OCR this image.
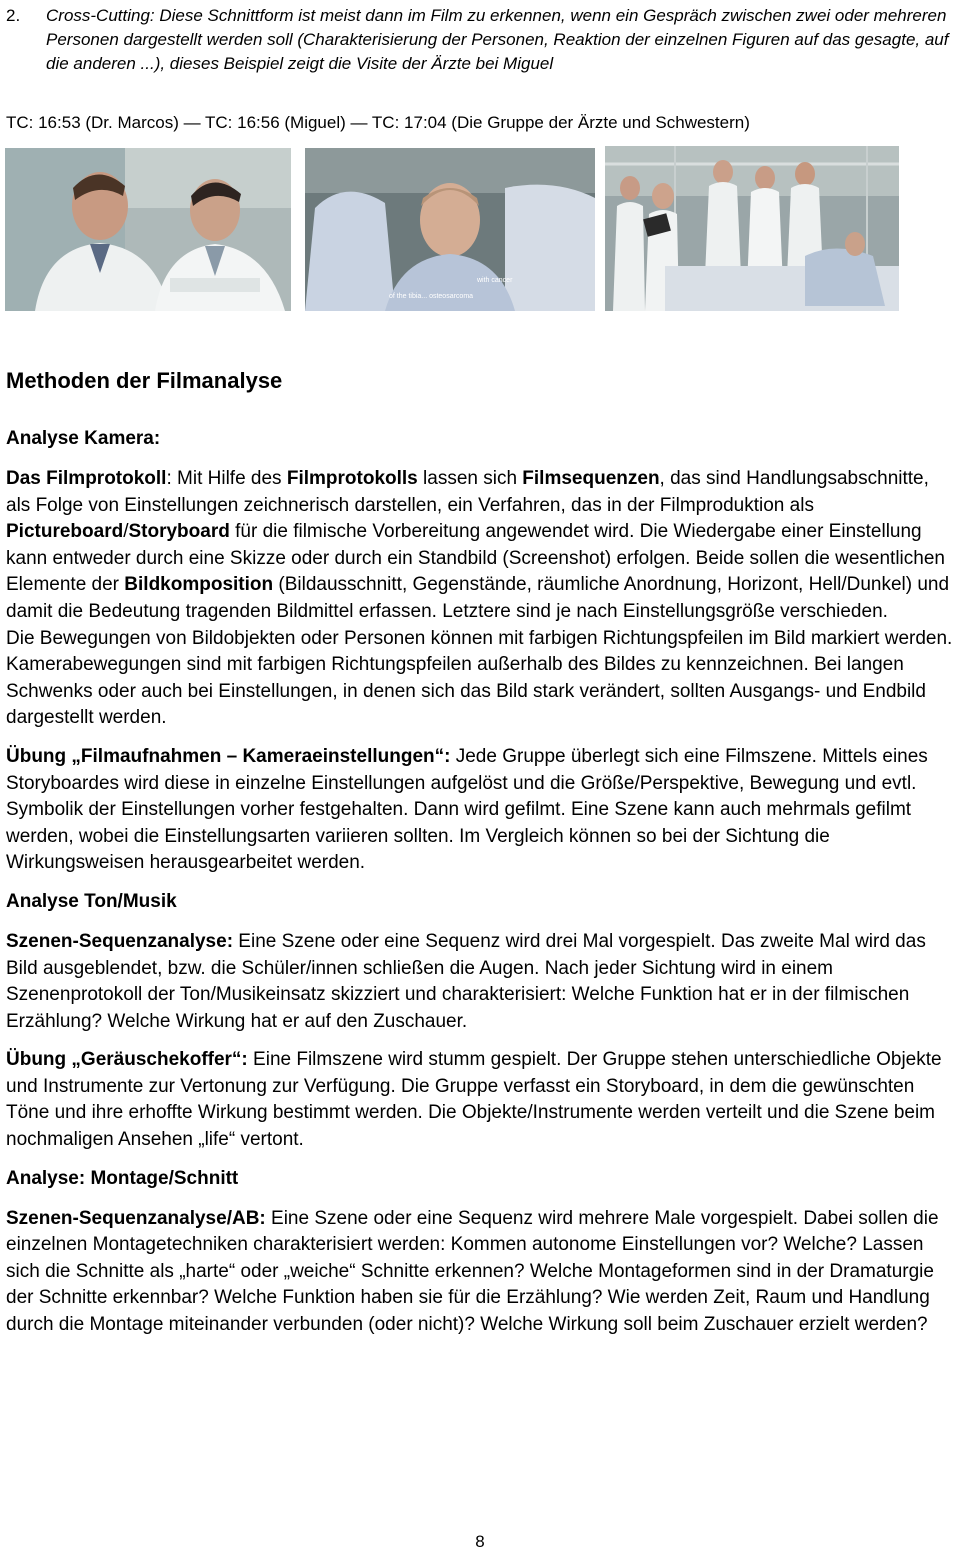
2. Cross-Cutting: Diese Schnittform ist meist dann im Film zu erkennen, wenn ein Gespräch zwischen zwei oder mehreren Personen dargestellt werden soll (Charakterisierung der Personen, Reaktion der einzelnen Figuren auf das gesagte, auf die anderen ...), dieses Beispiel zeigt die Visite der Ärzte bei Miguel
TC: 16:53 (Dr. Marcos) — TC: 16:56 (Miguel) — TC: 17:04 (Die Gruppe der Ärzte und Schwestern)
with cancer
of the tibia... osteosarcoma
Methoden der Filmanalyse
Analyse Kamera:

Das Filmprotokoll: Mit Hilfe des Filmprotokolls lassen sich Filmsequenzen, das sind Handlungsabschnitte, als Folge von Einstellungen zeichnerisch darstellen, ein Verfahren, das in der Filmproduktion als Pictureboard/Storyboard für die filmische Vorbereitung angewendet wird. Die Wiedergabe einer Einstellung kann entweder durch eine Skizze oder durch ein Standbild (Screenshot) erfolgen. Beide sollen die wesentlichen Elemente der Bildkomposition (Bildausschnitt, Gegenstände, räumliche Anordnung, Horizont, Hell/Dunkel) und damit die Bedeutung tragenden Bildmittel erfassen. Letztere sind je nach Einstellungsgröße verschieden.

Die Bewegungen von Bildobjekten oder Personen können mit farbigen Richtungspfeilen im Bild markiert werden. Kamerabewegungen sind mit farbigen Richtungspfeilen außerhalb des Bildes zu kennzeichnen. Bei langen Schwenks oder auch bei Einstellungen, in denen sich das Bild stark verändert, sollten Ausgangs- und Endbild dargestellt werden.

Übung „Filmaufnahmen – Kameraeinstellungen“: Jede Gruppe überlegt sich eine Filmszene. Mittels eines Storyboardes wird diese in einzelne Einstellungen aufgelöst und die Größe/Perspektive, Bewegung und evtl. Symbolik der Einstellungen vorher festgehalten. Dann wird gefilmt. Eine Szene kann auch mehrmals gefilmt werden, wobei die Einstellungsarten variieren sollten. Im Vergleich können so bei der Sichtung die Wirkungsweisen herausgearbeitet werden.

Analyse Ton/Musik

Szenen-Sequenzanalyse: Eine Szene oder eine Sequenz wird drei Mal vorgespielt. Das zweite Mal wird das Bild ausgeblendet, bzw. die Schüler/innen schließen die Augen. Nach jeder Sichtung wird in einem Szenenprotokoll der Ton/Musikeinsatz skizziert und charakterisiert: Welche Funktion hat er in der filmischen Erzählung? Welche Wirkung hat er auf den Zuschauer.

Übung „Geräuschekoffer“: Eine Filmszene wird stumm gespielt. Der Gruppe stehen unterschiedliche Objekte und Instrumente zur Vertonung zur Verfügung. Die Gruppe verfasst ein Storyboard, in dem die gewünschten Töne und ihre erhoffte Wirkung bestimmt werden. Die Objekte/Instrumente werden verteilt und die Szene beim nochmaligen Ansehen „life“ vertont.

Analyse: Montage/Schnitt

Szenen-Sequenzanalyse/AB: Eine Szene oder eine Sequenz wird mehrere Male vorgespielt. Dabei sollen die einzelnen Montagetechniken charakterisiert werden: Kommen autonome Einstellungen vor? Welche? Lassen sich die Schnitte als „harte“ oder „weiche“ Schnitte erkennen? Welche Montageformen sind in der Dramaturgie der Schnitte erkennbar? Welche Funktion haben sie für die Erzählung? Wie werden Zeit, Raum und Handlung durch die Montage miteinander verbunden (oder nicht)? Welche Wirkung soll beim Zuschauer erzielt werden?

8
